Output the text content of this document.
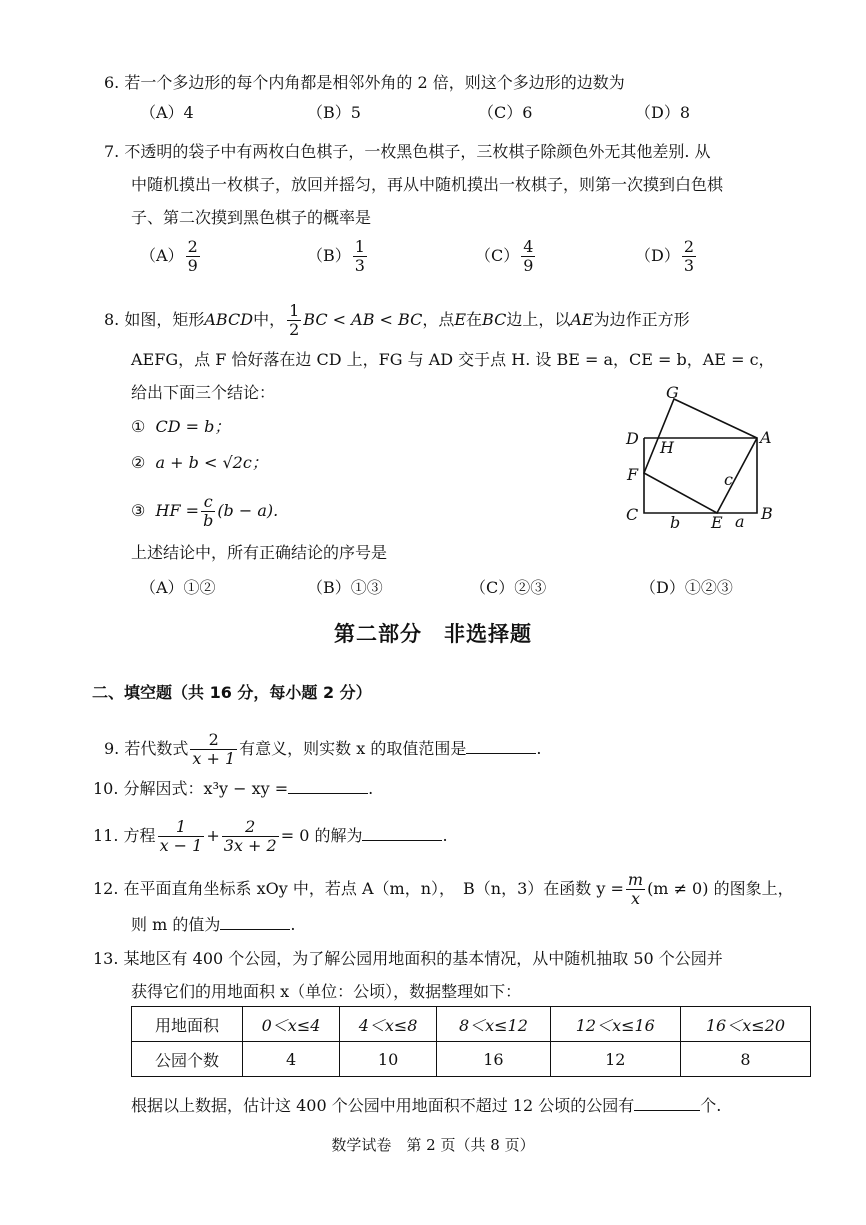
6. 若一个多边形的每个内角都是相邻外角的 2 倍，则这个多边形的边数为
（A）4	（B）5	（C）6	（D）8
7. 不透明的袋子中有两枚白色棋子，一枚黑色棋子，三枚棋子除颜色外无其他差别. 从
中随机摸出一枚棋子，放回并摇匀，再从中随机摸出一枚棋子，则第一次摸到白色棋
子、第二次摸到黑色棋子的概率是
$(A) \frac{2}{9}$	$(B) \frac{1}{3}$	$(C) \frac{4}{9}$	$(D) \frac{2}{3}$
8. 如图，矩形ABCD中， $\frac{1}{2}$ BC < AB < BC，点E在BC边上，以AE为边作正方形
AEFG，点 F 恰好落在边 CD 上，FG 与 AD 交于点 H. 设 BE = a，CE = b，AE = c，
给出下面三个结论：
① CD = b；
② a + b < √2c；
③ HF = $\frac{c}{b} (b - a)$.
G
D H
A
F	c
C b E a B
上述结论中，所有正确结论的序号是
（A）①②	（B）①③	（C）②③	（D）①②③
第二部分　非选择题
二、填空题（共 16 分，每小题 2 分）
9. 若代数式 $\frac{2}{x + 1}$ 有意义，则实数 x 的取值范围是	.
10. 分解因式：x³y − xy =	.
11. 方程 $\frac{1}{x - 1} + \frac{2}{3x + 2} = 0$ 的解为	.
12. 在平面直角坐标系 xOy 中，若点 A（m，n），　B（n，3）在函数 $y = \frac{m}{x} (m \ne 0)$ 的图象上，
则 m 的值为	.
13. 某地区有 400 个公园，为了解公园用地面积的基本情况，从中随机抽取 50 个公园并
获得它们的用地面积 x（单位：公顷），数据整理如下：
用地面积	0＜x≤4	4＜x≤8	8＜x≤12	12＜x≤16	16＜x≤20
公园个数	4	10	16	12	8
根据以上数据，估计这 400 个公园中用地面积不超过 12 公顷的公园有	个.
数学试卷　第 2 页（共 8 页）
